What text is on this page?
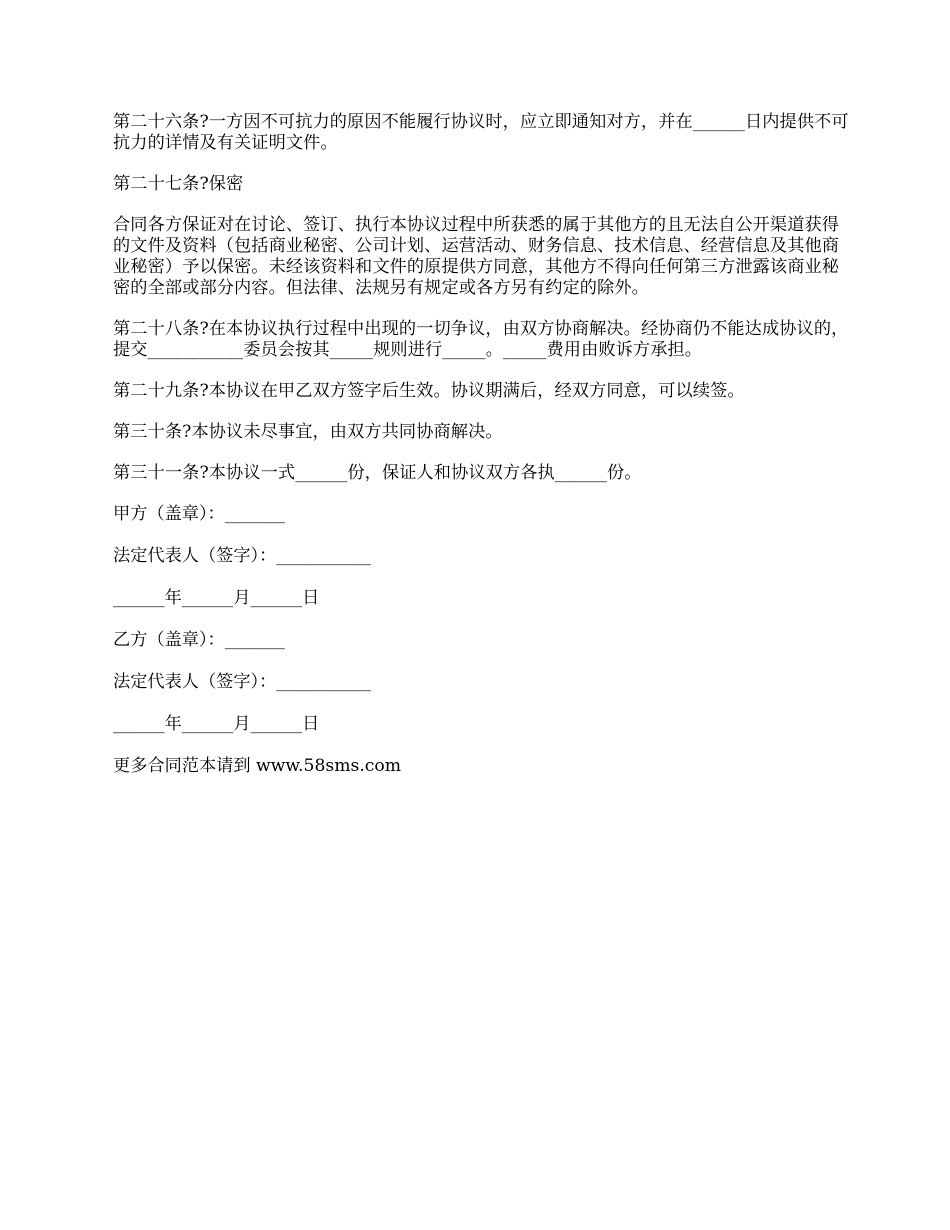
第二十六条?一方因不可抗力的原因不能履行协议时，应立即通知对方，并在______日内提供不可抗力的详情及有关证明文件。

第二十七条?保密

合同各方保证对在讨论、签订、执行本协议过程中所获悉的属于其他方的且无法自公开渠道获得的文件及资料（包括商业秘密、公司计划、运营活动、财务信息、技术信息、经营信息及其他商业秘密）予以保密。未经该资料和文件的原提供方同意，其他方不得向任何第三方泄露该商业秘密的全部或部分内容。但法律、法规另有规定或各方另有约定的除外。

第二十八条?在本协议执行过程中出现的一切争议，由双方协商解决。经协商仍不能达成协议的，提交___________委员会按其_____规则进行_____。_____费用由败诉方承担。

第二十九条?本协议在甲乙双方签字后生效。协议期满后，经双方同意，可以续签。

第三十条?本协议未尽事宜，由双方共同协商解决。

第三十一条?本协议一式______份，保证人和协议双方各执______份。

甲方（盖章）：_______

法定代表人（签字）：___________

______年______月______日

乙方（盖章）：_______

法定代表人（签字）：___________

______年______月______日

更多合同范本请到 www.58sms.com
